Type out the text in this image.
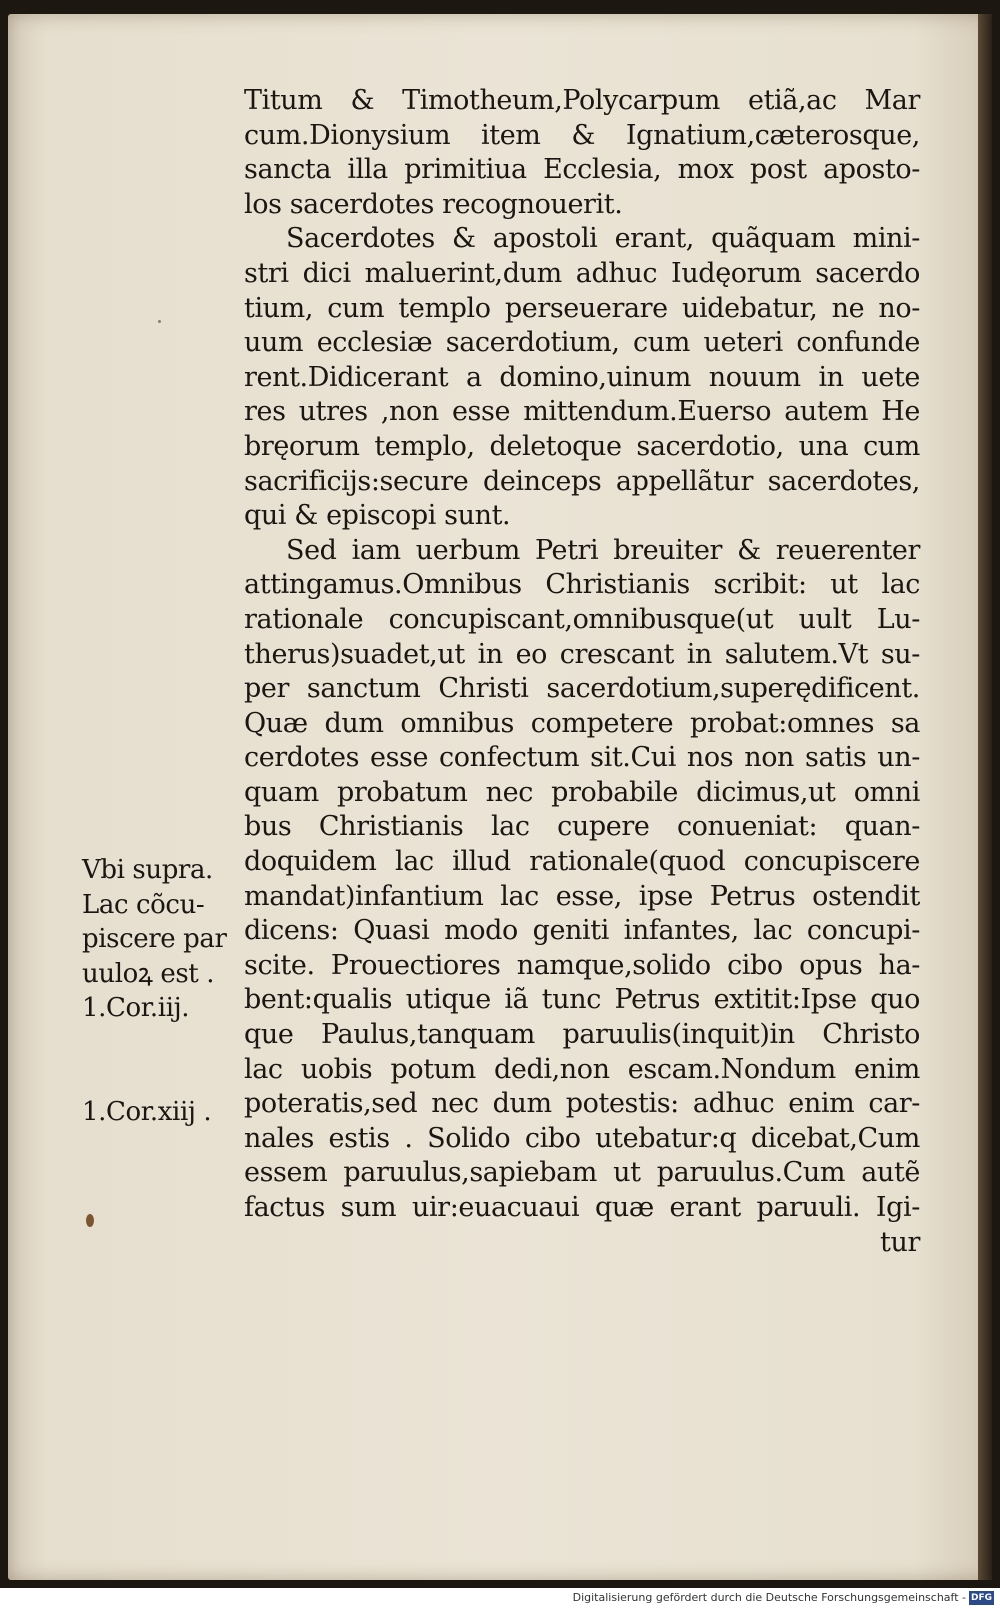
Titum & Timotheum,Polycarpum etiã,ac Mar
cum.Dionysium item & Ignatium,cæterosque,
sancta illa primitiua Ecclesia, mox post aposto-
los sacerdotes recognouerit.
Sacerdotes & apostoli erant, quãquam mini-
stri dici maluerint,dum adhuc Iudęorum sacerdo
tium, cum templo perseuerare uidebatur, ne no-
uum ecclesiæ sacerdotium, cum ueteri confunde
rent.Didicerant a domino,uinum nouum in uete
res utres ,non esse mittendum.Euerso autem He
bręorum templo, deletoque sacerdotio, una cum
sacrificijs:secure deinceps appellãtur sacerdotes,
qui & episcopi sunt.
Sed iam uerbum Petri breuiter & reuerenter
attingamus.Omnibus Christianis scribit: ut lac
rationale concupiscant,omnibusque(ut uult Lu-
therus)suadet,ut in eo crescant in salutem.Vt su-
per sanctum Christi sacerdotium,superędificent.
Quæ dum omnibus competere probat:omnes sa
cerdotes esse confectum sit.Cui nos non satis un-
quam probatum nec probabile dicimus,ut omni
bus Christianis lac cupere conueniat: quan-
doquidem lac illud rationale(quod concupiscere
mandat)infantium lac esse, ipse Petrus ostendit
dicens: Quasi modo geniti infantes, lac concupi-
scite. Prouectiores namque,solido cibo opus ha-
bent:qualis utique iã tunc Petrus extitit:Ipse quo
que Paulus,tanquam paruulis(inquit)in Christo
lac uobis potum dedi,non escam.Nondum enim
poteratis,sed nec dum potestis: adhuc enim car-
nales estis . Solido cibo utebatur:q dicebat,Cum
essem paruulus,sapiebam ut paruulus.Cum autẽ
factus sum uir:euacuaui quæ erant paruuli. Igi-
tur
Vbi supra.
Lac cõcu-
piscere par
uuloꝝ est .
1.Cor.iij.
1.Cor.xiij .
Digitalisierung gefördert durch die Deutsche Forschungsgemeinschaft - DFG
